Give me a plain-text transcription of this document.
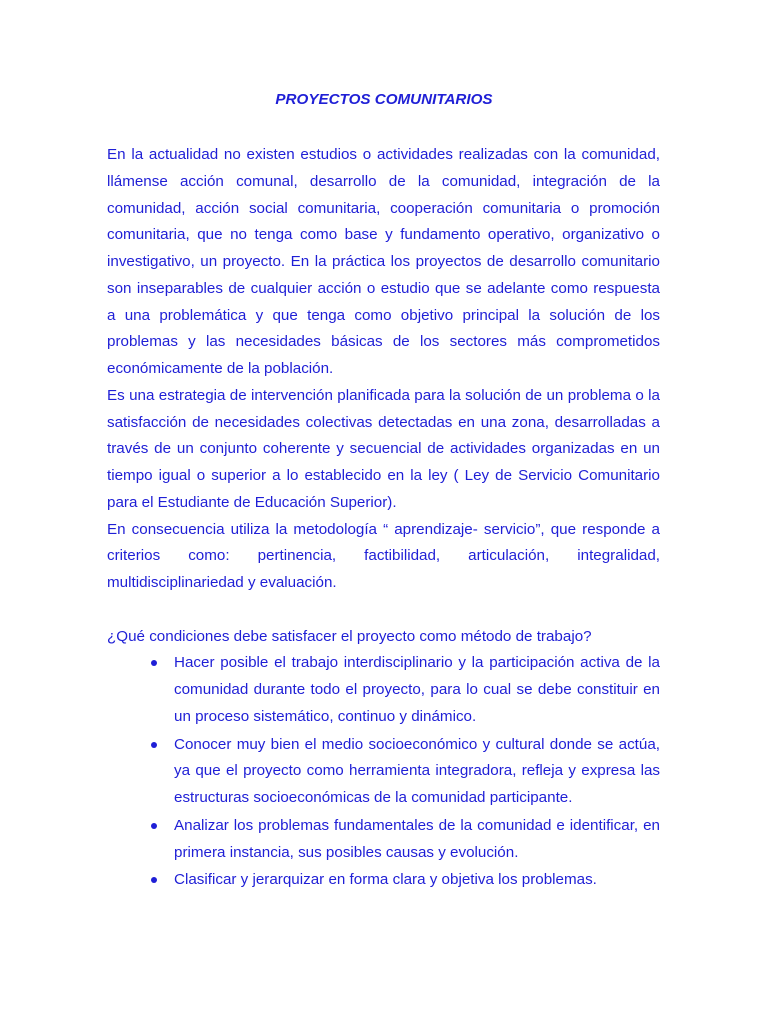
PROYECTOS COMUNITARIOS

En la actualidad no existen estudios o actividades realizadas con la comunidad, llámense acción comunal, desarrollo de la comunidad, integración de la comunidad, acción social comunitaria, cooperación comunitaria o promoción comunitaria, que no tenga como base y fundamento operativo, organizativo o investigativo, un proyecto. En la práctica los proyectos de desarrollo comunitario son inseparables de cualquier acción o estudio que se adelante como respuesta a una problemática y que tenga como objetivo principal la solución de los problemas y las necesidades básicas de los sectores más comprometidos económicamente de la población.

Es una estrategia de intervención planificada para la solución de un problema o la satisfacción de necesidades colectivas detectadas en una zona, desarrolladas a través de un conjunto coherente y secuencial de actividades organizadas en un tiempo igual o superior a lo establecido en la ley ( Ley de Servicio Comunitario para el Estudiante de Educación Superior).

En consecuencia utiliza la metodología “ aprendizaje- servicio”, que responde a criterios como: pertinencia, factibilidad, articulación, integralidad, multidisciplinariedad y evaluación.

¿Qué condiciones debe satisfacer el proyecto como método de trabajo?

Hacer posible el trabajo interdisciplinario y la participación activa de la comunidad durante todo el proyecto, para lo cual se debe constituir en un proceso sistemático, continuo y dinámico.
Conocer muy bien el medio socioeconómico y cultural donde se actúa, ya que el proyecto como herramienta integradora, refleja y expresa las estructuras socioeconómicas de la comunidad participante.
Analizar los problemas fundamentales de la comunidad e identificar, en primera instancia, sus posibles causas y evolución.
Clasificar y jerarquizar en forma clara y objetiva los problemas.
